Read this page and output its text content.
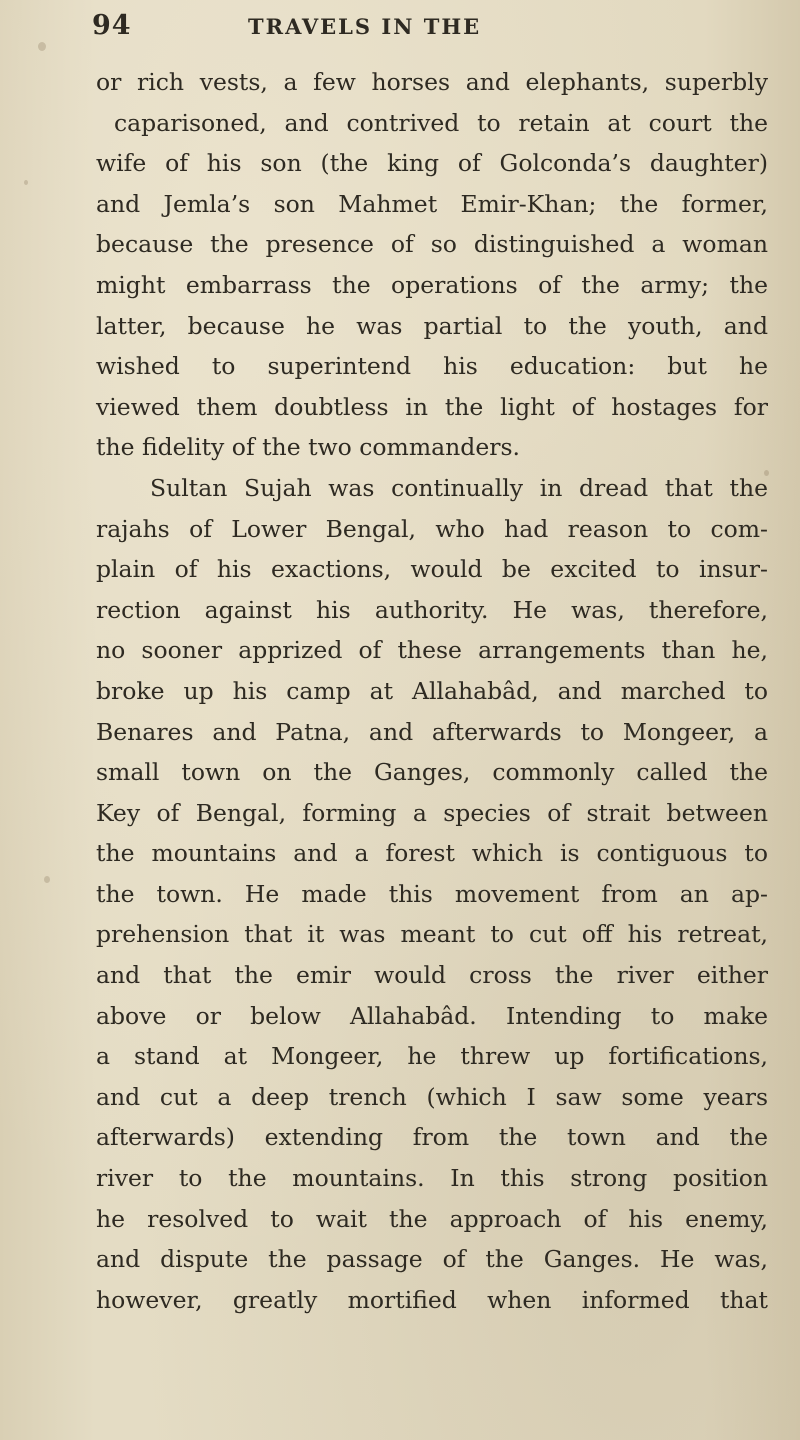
94	TRAVELS IN THE

or rich vests, a few horses and elephants, superbly
caparisoned, and contrived to retain at court the
wife of his son (the king of Golconda’s daughter)
and Jemla’s son Mahmet Emir-Khan; the former,
because the presence of so distinguished a woman
might embarrass the operations of the army; the
latter, because he was partial to the youth, and
wished to superintend his education: but he
viewed them doubtless in the light of hostages for
the fidelity of the two commanders.
Sultan Sujah was continually in dread that the
rajahs of Lower Bengal, who had reason to com-
plain of his exactions, would be excited to insur-
rection against his authority. He was, therefore,
no sooner apprized of these arrangements than he,
broke up his camp at Allahabâd, and marched to
Benares and Patna, and afterwards to Mongeer, a
small town on the Ganges, commonly called the
Key of Bengal, forming a species of strait between
the mountains and a forest which is contiguous to
the town. He made this movement from an ap-
prehension that it was meant to cut off his retreat,
and that the emir would cross the river either
above or below Allahabâd. Intending to make
a stand at Mongeer, he threw up fortifications,
and cut a deep trench (which I saw some years
afterwards) extending from the town and the
river to the mountains. In this strong position
he resolved to wait the approach of his enemy,
and dispute the passage of the Ganges. He was,
however, greatly mortified when informed that
